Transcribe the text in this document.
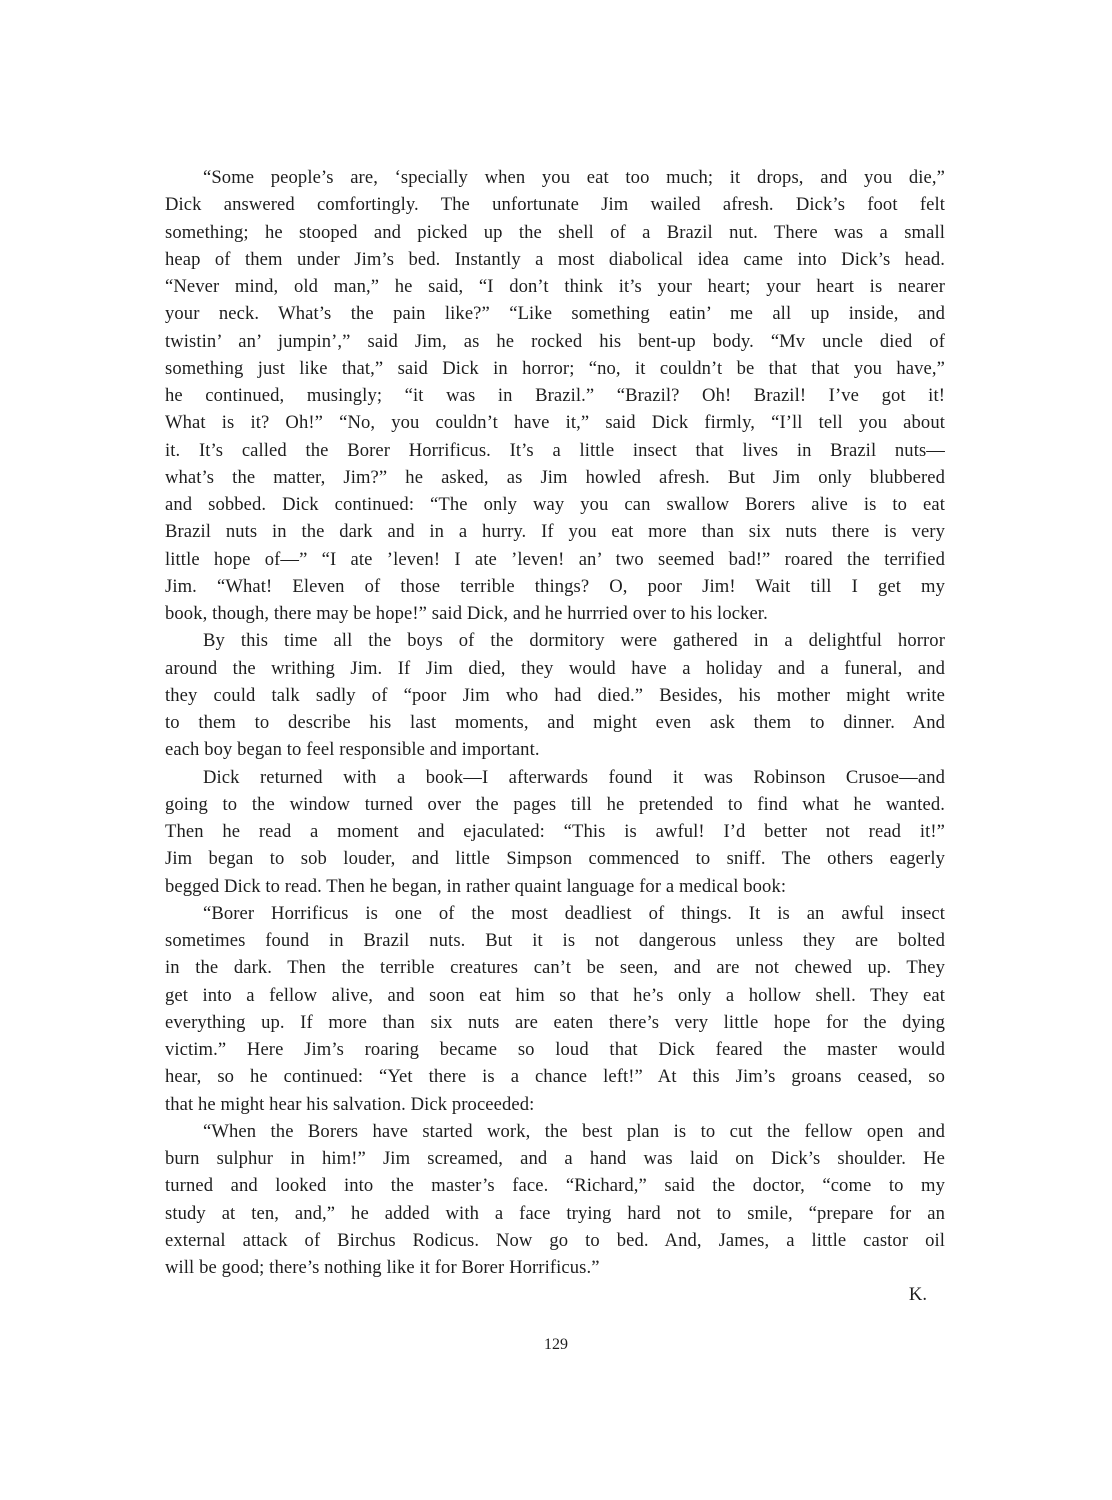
“Some people’s are, ‘specially when you eat too much; it drops, and you die,”
Dick answered comfortingly. The unfortunate Jim wailed afresh. Dick’s foot felt
something; he stooped and picked up the shell of a Brazil nut. There was a small
heap of them under Jim’s bed. Instantly a most diabolical idea came into Dick’s head.
“Never mind, old man,” he said, “I don’t think it’s your heart; your heart is nearer
your neck. What’s the pain like?” “Like something eatin’ me all up inside, and
twistin’ an’ jumpin’,” said Jim, as he rocked his bent-up body. “Mv uncle died of
something just like that,” said Dick in horror; “no, it couldn’t be that that you have,”
he continued, musingly; “it was in Brazil.” “Brazil? Oh! Brazil! I’ve got it!
What is it? Oh!” “No, you couldn’t have it,” said Dick firmly, “I’ll tell you about
it. It’s called the Borer Horrificus. It’s a little insect that lives in Brazil nuts—
what’s the matter, Jim?” he asked, as Jim howled afresh. But Jim only blubbered
and sobbed. Dick continued: “The only way you can swallow Borers alive is to eat
Brazil nuts in the dark and in a hurry. If you eat more than six nuts there is very
little hope of—” “I ate ’leven! I ate ’leven! an’ two seemed bad!” roared the terrified
Jim. “What! Eleven of those terrible things? O, poor Jim! Wait till I get my
book, though, there may be hope!” said Dick, and he hurrried over to his locker.
By this time all the boys of the dormitory were gathered in a delightful horror
around the writhing Jim. If Jim died, they would have a holiday and a funeral, and
they could talk sadly of “poor Jim who had died.” Besides, his mother might write
to them to describe his last moments, and might even ask them to dinner. And
each boy began to feel responsible and important.
Dick returned with a book—I afterwards found it was Robinson Crusoe—and
going to the window turned over the pages till he pretended to find what he wanted.
Then he read a moment and ejaculated: “This is awful! I’d better not read it!”
Jim began to sob louder, and little Simpson commenced to sniff. The others eagerly
begged Dick to read. Then he began, in rather quaint language for a medical book:
“Borer Horrificus is one of the most deadliest of things. It is an awful insect
sometimes found in Brazil nuts. But it is not dangerous unless they are bolted
in the dark. Then the terrible creatures can’t be seen, and are not chewed up. They
get into a fellow alive, and soon eat him so that he’s only a hollow shell. They eat
everything up. If more than six nuts are eaten there’s very little hope for the dying
victim.” Here Jim’s roaring became so loud that Dick feared the master would
hear, so he continued: “Yet there is a chance left!” At this Jim’s groans ceased, so
that he might hear his salvation. Dick proceeded:
“When the Borers have started work, the best plan is to cut the fellow open and
burn sulphur in him!” Jim screamed, and a hand was laid on Dick’s shoulder. He
turned and looked into the master’s face. “Richard,” said the doctor, “come to my
study at ten, and,” he added with a face trying hard not to smile, “prepare for an
external attack of Birchus Rodicus. Now go to bed. And, James, a little castor oil
will be good; there’s nothing like it for Borer Horrificus.”
K.
129
